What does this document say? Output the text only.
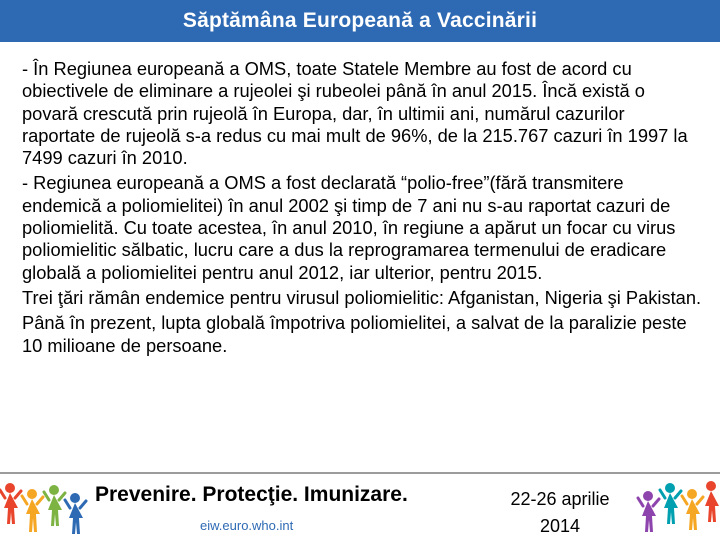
Săptămâna Europeană a Vaccinării

- În Regiunea europeană a OMS, toate Statele Membre au fost de acord cu obiectivele de eliminare a rujeolei şi rubeolei până în anul 2015. Încă există o povară crescută prin rujeolă în Europa, dar, în ultimii ani, numărul cazurilor raportate de rujeolă s-a redus cu mai mult de 96%, de la 215.767 cazuri în 1997 la 7499 cazuri în 2010.

- Regiunea europeană a OMS a fost declarată “polio-free”(fără transmitere endemică a poliomielitei) în anul 2002 şi timp de 7 ani nu s-au raportat cazuri de poliomielită. Cu toate acestea, în anul 2010, în regiune a apărut un focar cu virus poliomielitic sălbatic, lucru care a dus la reprogramarea termenului de eradicare globală a poliomielitei pentru anul 2012, iar ulterior, pentru 2015.

Trei ţări rămân endemice pentru virusul poliomielitic: Afganistan, Nigeria şi Pakistan.

Până în prezent, lupta globală împotriva poliomielitei, a salvat de la paralizie peste 10 milioane de persoane.

Prevenire. Protecţie. Imunizare.
eiw.euro.who.int
22-26 aprilie
2014
